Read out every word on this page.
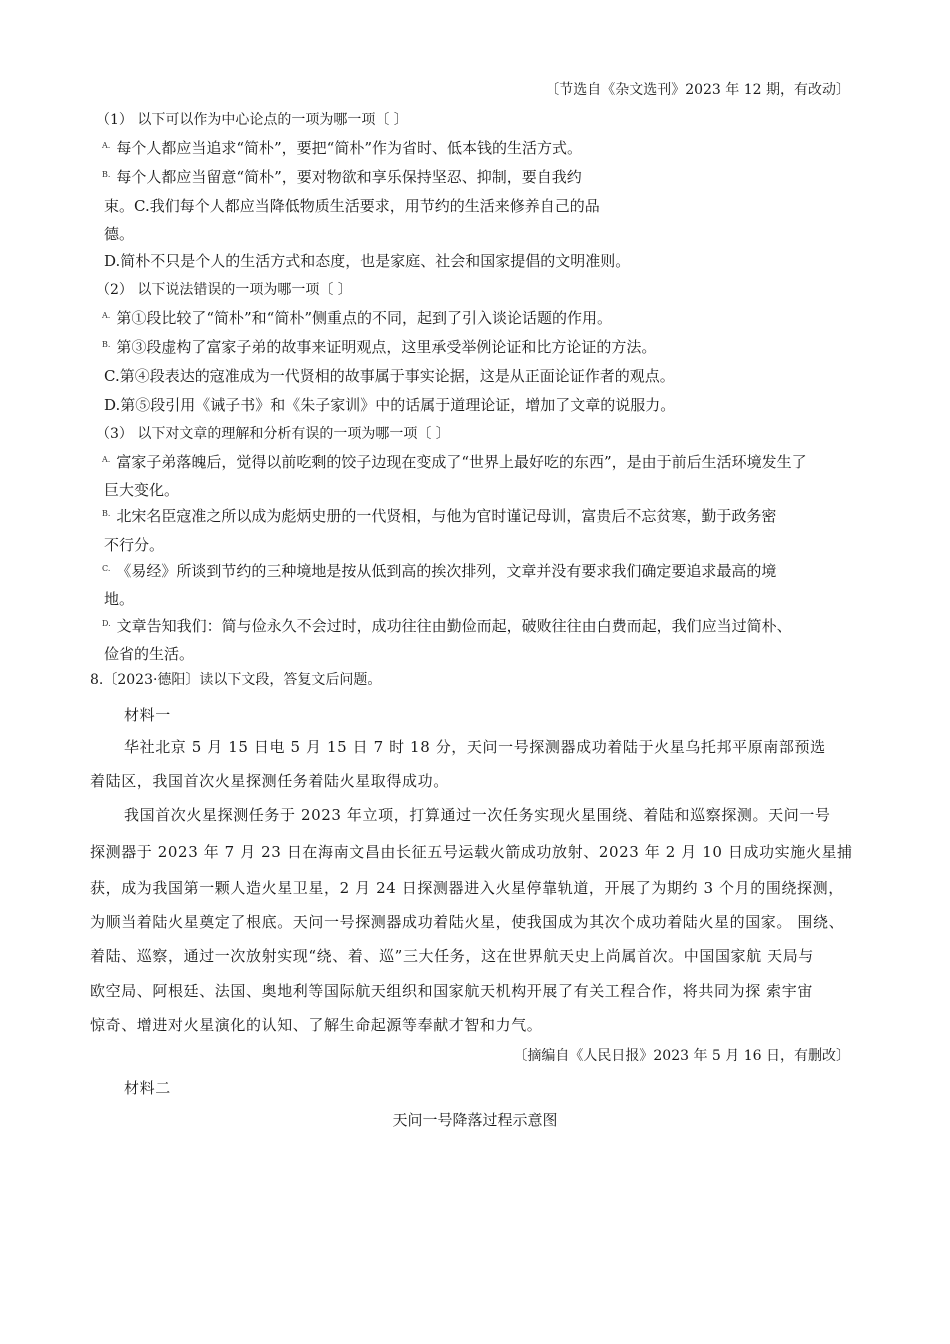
〔节选自《杂文选刊》2023 年 12 期，有改动〕
（1） 以下可以作为中心论点的一项为哪一项〔 〕
$^{A.}$ 每个人都应当追求“简朴”，要把“简朴”作为省时、低本钱的生活方式。
$^{B.}$ 每个人都应当留意“简朴”，要对物欲和享乐保持坚忍、抑制，要自我约
束。C.我们每个人都应当降低物质生活要求，用节约的生活来修养自己的品
德。
D.简朴不只是个人的生活方式和态度，也是家庭、社会和国家提倡的文明准则。
（2） 以下说法错误的一项为哪一项〔 〕
$^{A.}$ 第①段比较了“简朴”和“简朴”侧重点的不同，起到了引入谈论话题的作用。
$^{B.}$ 第③段虚构了富家子弟的故事来证明观点，这里承受举例论证和比方论证的方法。
C.第④段表达的寇准成为一代贤相的故事属于事实论据，这是从正面论证作者的观点。
D.第⑤段引用《诫子书》和《朱子家训》中的话属于道理论证，增加了文章的说服力。
（3） 以下对文章的理解和分析有误的一项为哪一项〔 〕
$^{A.}$ 富家子弟落魄后，觉得以前吃剩的饺子边现在变成了“世界上最好吃的东西”，是由于前后生活环境发生了
巨大变化。
$^{B.}$ 北宋名臣寇准之所以成为彪炳史册的一代贤相，与他为官时谨记母训，富贵后不忘贫寒，勤于政务密
不行分。
$^{C.}$ 《易经》所谈到节约的三种境地是按从低到高的挨次排列，文章并没有要求我们确定要追求最高的境
地。
$^{D.}$ 文章告知我们：简与俭永久不会过时，成功往往由勤俭而起，破败往往由白费而起，我们应当过简朴、
俭省的生活。
8.〔2023·德阳〕读以下文段，答复文后问题。
材料一
华社北京 5 月 15 日电 5 月 15 日 7 时 18 分，天问一号探测器成功着陆于火星乌托邦平原南部预选
着陆区，我国首次火星探测任务着陆火星取得成功。
我国首次火星探测任务于 2023 年立项，打算通过一次任务实现火星围绕、着陆和巡察探测。天问一号
探测器于 2023 年 7 月 23 日在海南文昌由长征五号运载火箭成功放射、2023 年 2 月 10 日成功实施火星捕
获，成为我国第一颗人造火星卫星，2 月 24 日探测器进入火星停靠轨道，开展了为期约 3 个月的围绕探测，
为顺当着陆火星奠定了根底。天问一号探测器成功着陆火星，使我国成为其次个成功着陆火星的国家。 围绕、
着陆、巡察，通过一次放射实现“绕、着、巡”三大任务，这在世界航天史上尚属首次。中国国家航 天局与
欧空局、阿根廷、法国、奥地利等国际航天组织和国家航天机构开展了有关工程合作，将共同为探 索宇宙
惊奇、增进对火星演化的认知、了解生命起源等奉献才智和力气。
〔摘编自《人民日报》2023 年 5 月 16 日，有删改〕
材料二
天问一号降落过程示意图
